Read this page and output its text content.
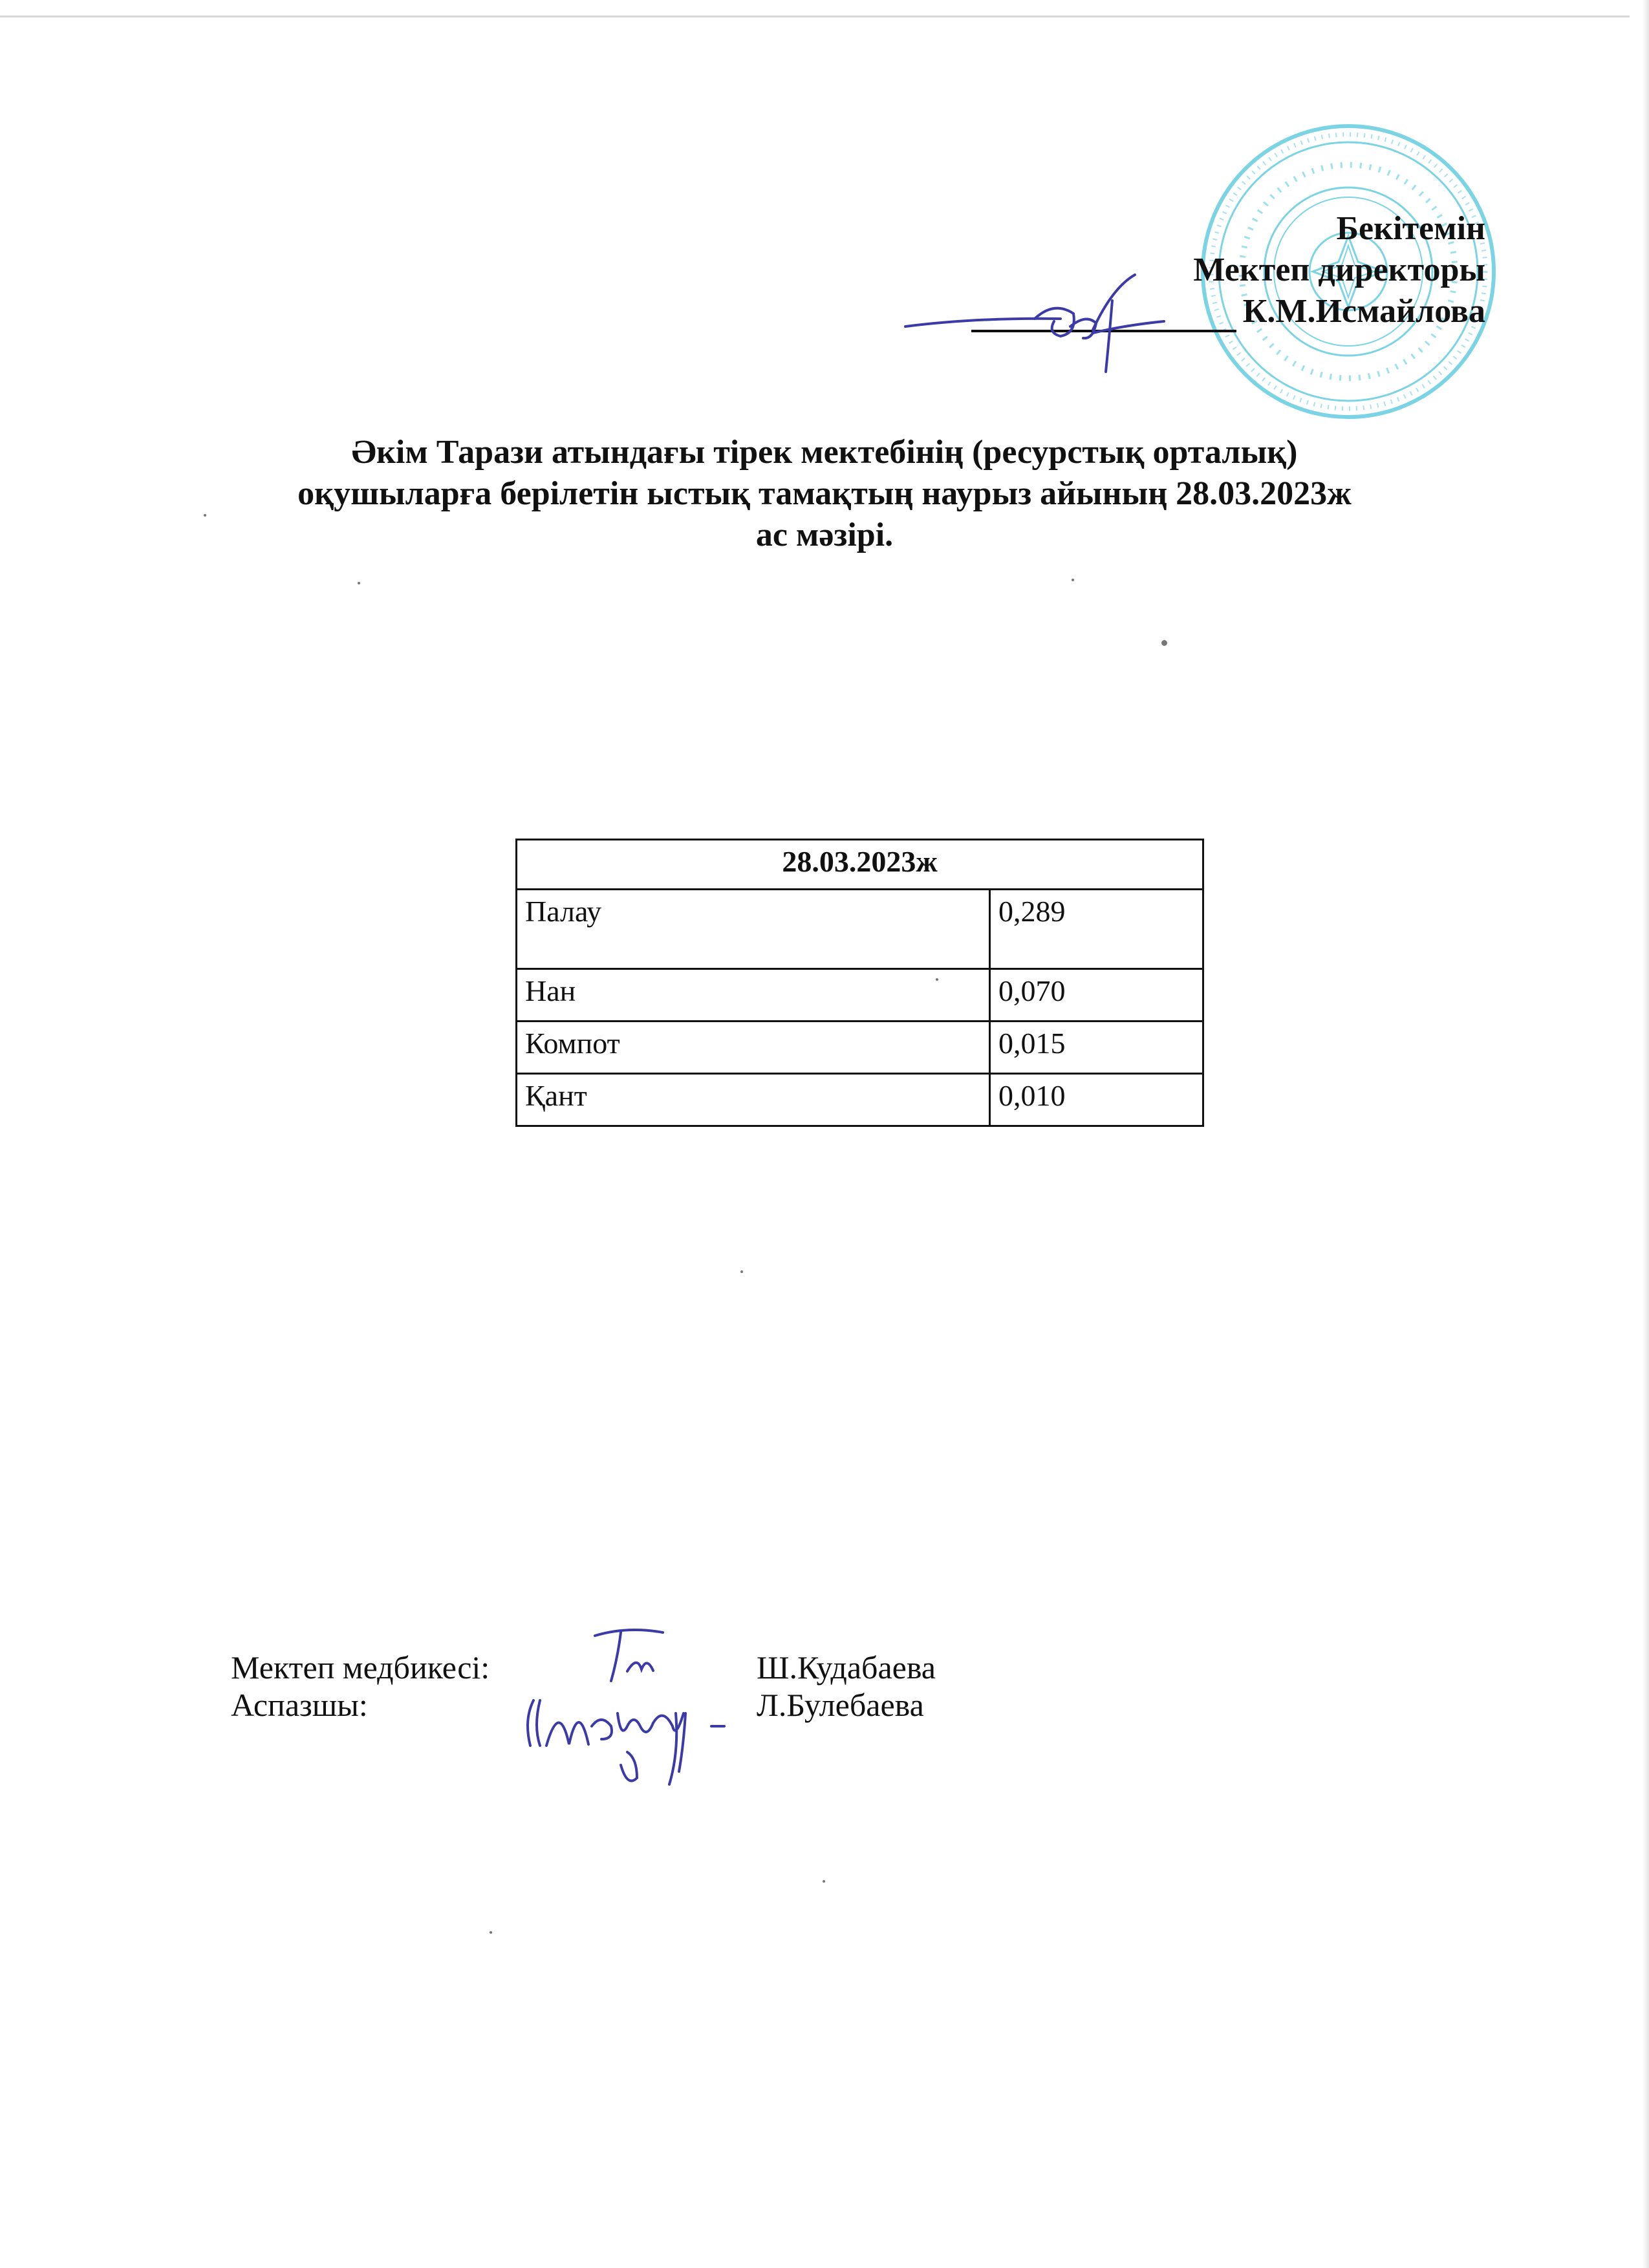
Бекітемін
Мектеп директоры
К.М.Исмайлова
Әкім Тарази атындағы тірек мектебінің (ресурстық орталық)
оқушыларға берілетін ыстық тамақтың наурыз айының 28.03.2023ж
ас мәзірі.
28.03.2023ж	
Палау	0,289
Нан	0,070
Компот	0,015
Қант	0,010
Мектеп медбикесі:	Ш.Кудабаева
Аспазшы:	Л.Булебаева
